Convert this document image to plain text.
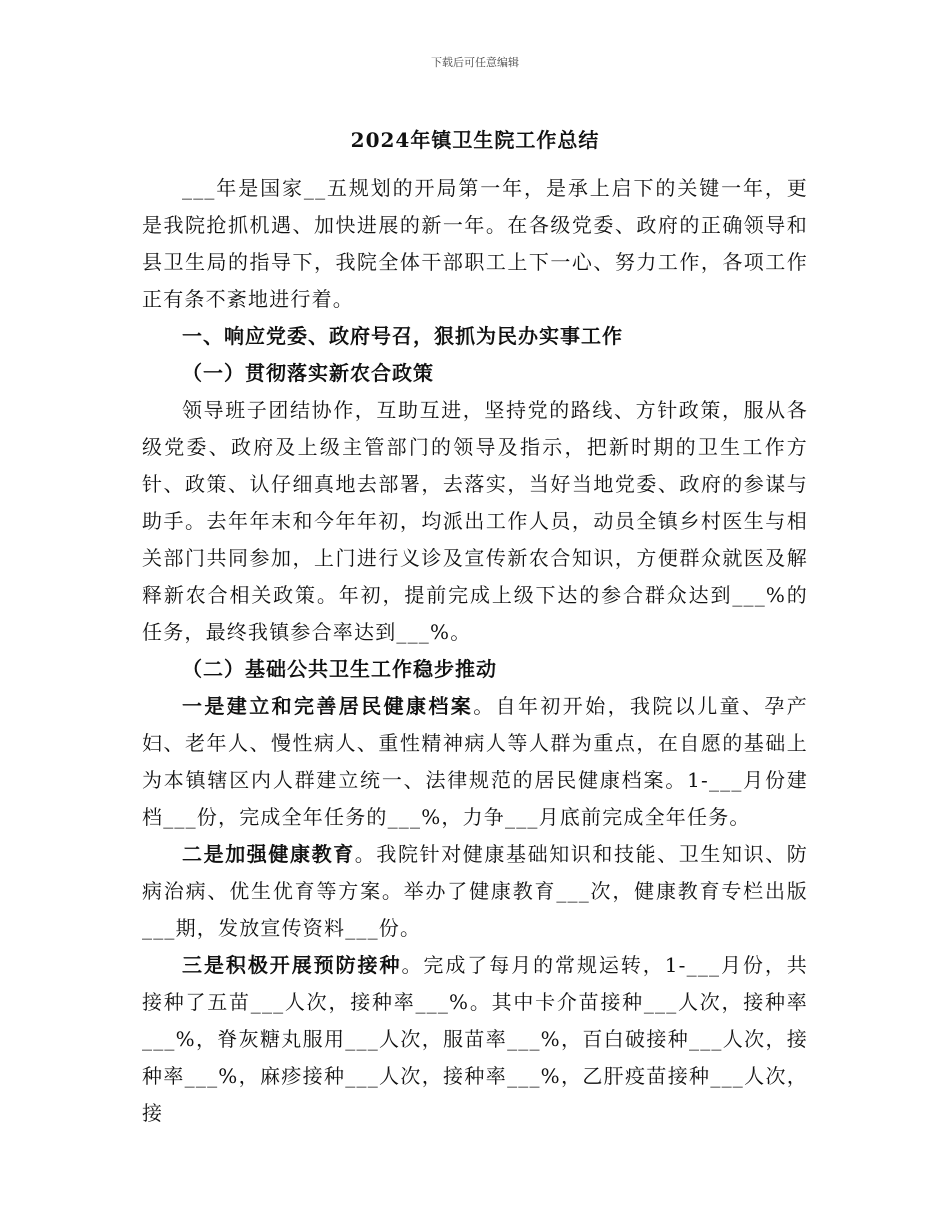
下载后可任意编辑
2024年镇卫生院工作总结

___年是国家__五规划的开局第一年，是承上启下的关键一年，更是我院抢抓机遇、加快进展的新一年。在各级党委、政府的正确领导和县卫生局的指导下，我院全体干部职工上下一心、努力工作，各项工作正有条不紊地进行着。

一、响应党委、政府号召，狠抓为民办实事工作

（一）贯彻落实新农合政策

领导班子团结协作，互助互进，坚持党的路线、方针政策，服从各级党委、政府及上级主管部门的领导及指示，把新时期的卫生工作方针、政策、认仔细真地去部署，去落实，当好当地党委、政府的参谋与助手。去年年末和今年年初，均派出工作人员，动员全镇乡村医生与相关部门共同参加，上门进行义诊及宣传新农合知识，方便群众就医及解释新农合相关政策。年初，提前完成上级下达的参合群众达到___%的任务，最终我镇参合率达到___%。

（二）基础公共卫生工作稳步推动

一是建立和完善居民健康档案。自年初开始，我院以儿童、孕产妇、老年人、慢性病人、重性精神病人等人群为重点，在自愿的基础上为本镇辖区内人群建立统一、法律规范的居民健康档案。1-___月份建档___份，完成全年任务的___%，力争___月底前完成全年任务。

二是加强健康教育。我院针对健康基础知识和技能、卫生知识、防病治病、优生优育等方案。举办了健康教育___次，健康教育专栏出版___期，发放宣传资料___份。

三是积极开展预防接种。完成了每月的常规运转，1-___月份，共接种了五苗___人次，接种率___%。其中卡介苗接种___人次，接种率___%，脊灰糖丸服用___人次，服苗率___%，百白破接种___人次，接种率___%，麻疹接种___人次，接种率___%，乙肝疫苗接种___人次，接
